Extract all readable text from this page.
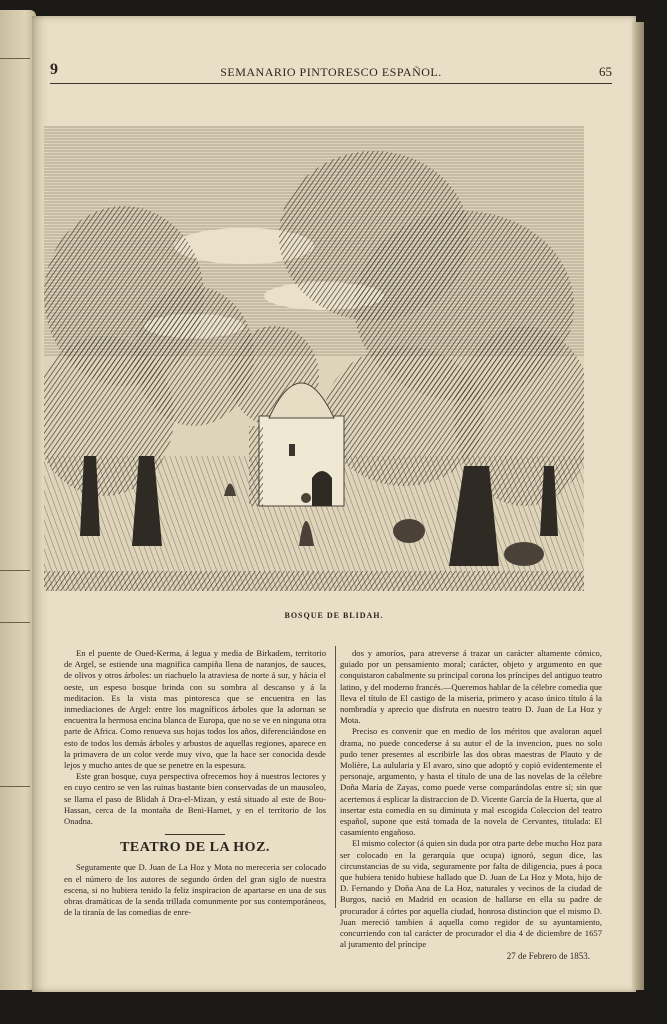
9	SEMANARIO PINTORESCO ESPAÑOL.	65
BOSQUE DE BLIDAH.

En el puente de Oued-Kerma, á legua y media de Birkadem, territorio de Argel, se estiende una magnifica campiña llena de naranjos, de sauces, de olivos y otros árboles: un riachuelo la atraviesa de norte á sur, y hácia el oeste, un espeso bosque brinda con su sombra al descanso y á la meditacion. Es la vista mas pintoresca que se encuentra en las inmediaciones de Argel: entre los magníficos árboles que la adornan se encuentra la hermosa encina blanca de Europa, que no se ve en ninguna otra parte de Africa. Como renueva sus hojas todos los años, diferenciándose en esto de todos los demás árboles y arbustos de aquellas regiones, aparece en la primavera de un color verde muy vivo, que la hace ser conocida desde lejos y mucho antes de que se penetre en la espesura.

Este gran bosque, cuya perspectiva ofrecemos hoy á nuestros lectores y en cuyo centro se ven las ruinas bastante bien conservadas de un mausoleo, se llama el paso de Blidah á Dra-el-Mizan, y está situado al este de Bou-Hassan, cerca de la montaña de Beni-Hamet, y en el territorio de los Onadna.

TEATRO DE LA HOZ.

Seguramente que D. Juan de La Hoz y Mota no mereceria ser colocado en el número de los autores de segundo órden del gran siglo de nuestra escena, si no hubiera tenido la feliz inspiracion de apartarse en una de sus obras dramáticas de la senda trillada comunmente por sus contemporáneos, de la tiranía de las comedias de enre-

dos y amoríos, para atreverse á trazar un carácter altamente cómico, guiado por un pensamiento moral; carácter, objeto y argumento en que conquistaron cabalmente su principal corona los príncipes del antiguo teatro latino, y del moderno francés.—Queremos hablar de la célebre comedia que lleva el título de El castigo de la miseria, primero y acaso único título á la nombradía y aprecio que disfruta en nuestro teatro D. Juan de La Hoz y Mota.

Preciso es convenir que en medio de los méritos que avaloran aquel drama, no puede concederse á su autor el de la invencion, pues no solo pudo tener presentes al escribirle las dos obras maestras de Plauto y de Molière, La aulularia y El avaro, sino que adoptó y copió evidentemente el personaje, argumento, y hasta el título de una de las novelas de la célebre Doña María de Zayas, como puede verse comparándolas entre sí; sin que acertemos á esplicar la distraccion de D. Vicente García de la Huerta, que al insertar esta comedia en su diminuta y mal escogida Coleccion del teatro español, supone que está tomada de la novela de Cervantes, titulada: El casamiento engañoso.

El mismo colector (á quien sin duda por otra parte debe mucho Hoz para ser colocado en la gerarquía que ocupa) ignoró, segun dice, las circunstancias de su vida, seguramente por falta de diligencia, pues á poca que hubiera tenido hubiese hallado que D. Juan de La Hoz y Mota, hijo de D. Fernando y Doña Ana de La Hoz, naturales y vecinos de la ciudad de Burgos, nació en Madrid en ocasion de hallarse en ella su padre de procurador á córtes por aquella ciudad, honrosa distincion que el mismo D. Juan mereció tambien á aquella como regidor de su ayuntamiento, concurriendo con tal carácter de procurador el dia 4 de diciembre de 1657 al juramento del príncipe

27 de Febrero de 1853.
